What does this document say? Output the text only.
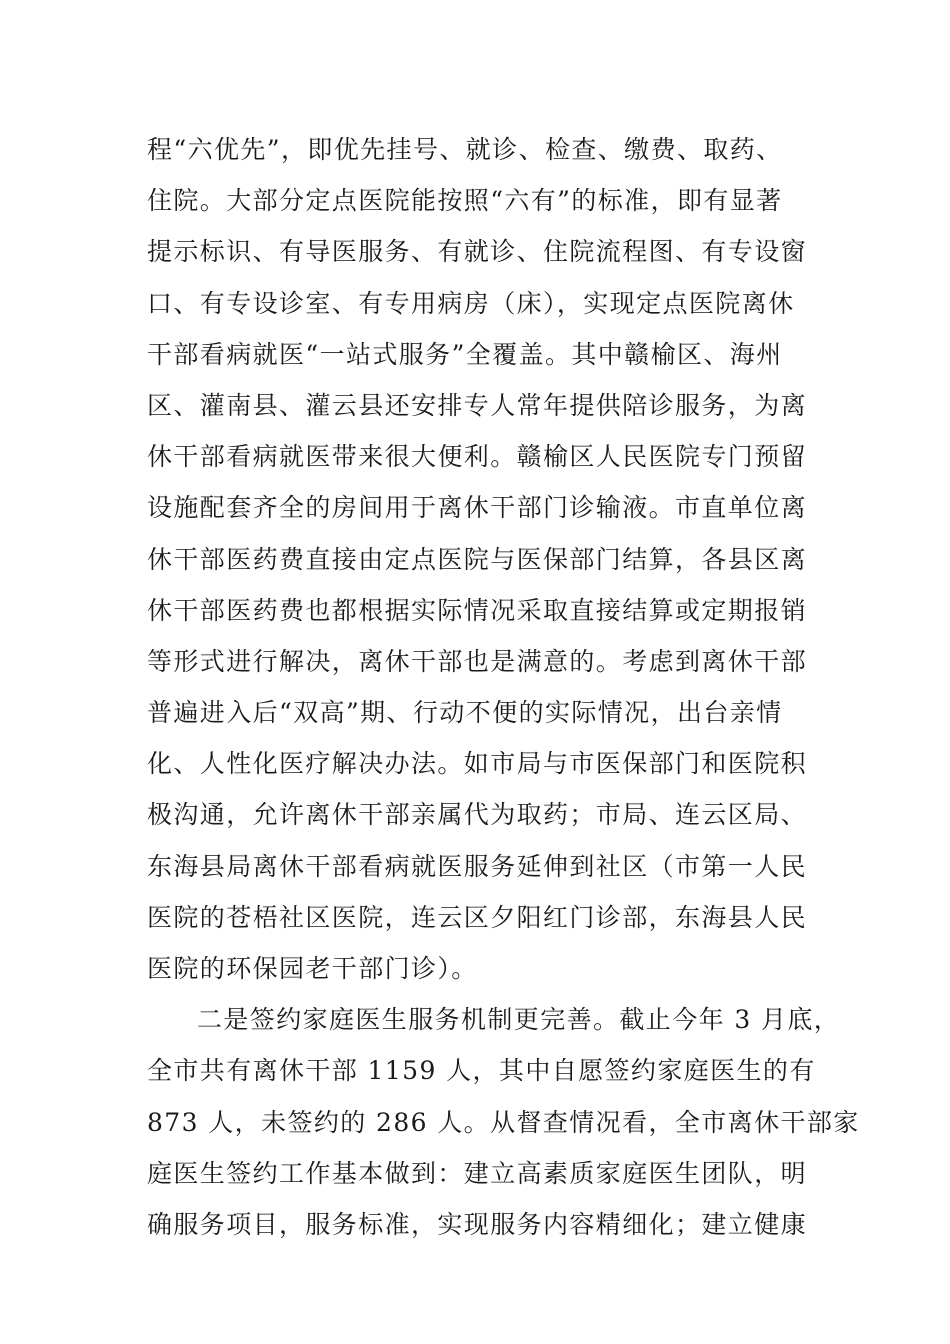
程“六优先”，即优先挂号、就诊、检查、缴费、取药、
住院。大部分定点医院能按照“六有”的标准，即有显著
提示标识、有导医服务、有就诊、住院流程图、有专设窗
口、有专设诊室、有专用病房（床），实现定点医院离休
干部看病就医“一站式服务”全覆盖。其中赣榆区、海州
区、灌南县、灌云县还安排专人常年提供陪诊服务，为离
休干部看病就医带来很大便利。赣榆区人民医院专门预留
设施配套齐全的房间用于离休干部门诊输液。市直单位离
休干部医药费直接由定点医院与医保部门结算，各县区离
休干部医药费也都根据实际情况采取直接结算或定期报销
等形式进行解决，离休干部也是满意的。考虑到离休干部
普遍进入后“双高”期、行动不便的实际情况，出台亲情
化、人性化医疗解决办法。如市局与市医保部门和医院积
极沟通，允许离休干部亲属代为取药；市局、连云区局、
东海县局离休干部看病就医服务延伸到社区（市第一人民
医院的苍梧社区医院，连云区夕阳红门诊部，东海县人民
医院的环保园老干部门诊）。
二是签约家庭医生服务机制更完善。截止今年 3 月底，
全市共有离休干部 1159 人，其中自愿签约家庭医生的有
873 人，未签约的 286 人。从督查情况看，全市离休干部家
庭医生签约工作基本做到：建立高素质家庭医生团队，明
确服务项目，服务标准，实现服务内容精细化；建立健康
